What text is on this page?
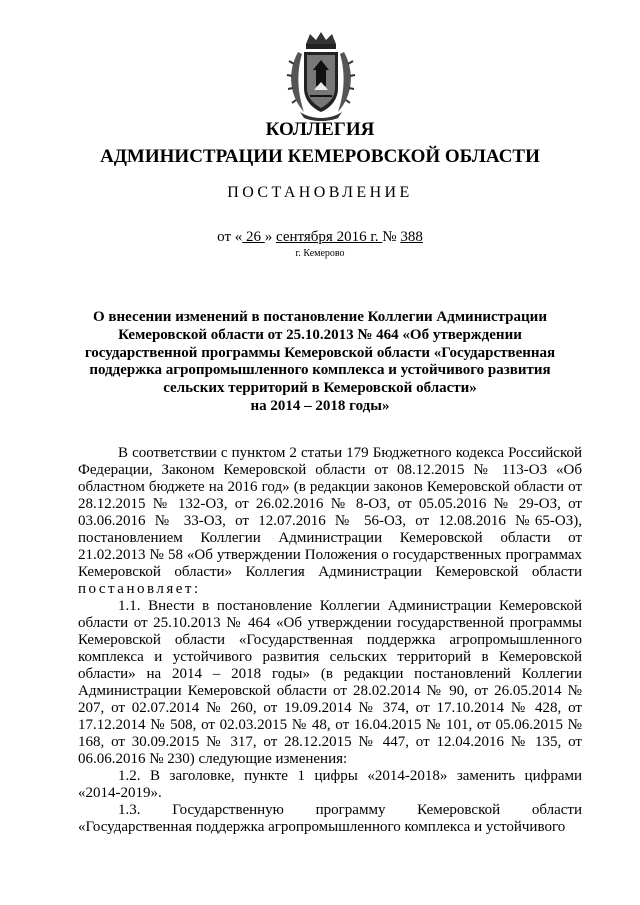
КОЛЛЕГИЯ
АДМИНИСТРАЦИИ КЕМЕРОВСКОЙ ОБЛАСТИ
ПОСТАНОВЛЕНИЕ
от « 26 » сентября 2016 г. № 388
г. Кемерово
О внесении изменений в постановление Коллегии Администрации
Кемеровской области от 25.10.2013 № 464 «Об утверждении
государственной программы Кемеровской области «Государственная
поддержка агропромышленного комплекса и устойчивого развития
сельских территорий в Кемеровской области»
на 2014 – 2018 годы»

В соответствии с пунктом 2 статьи 179 Бюджетного кодекса Российской Федерации, Законом Кемеровской области от 08.12.2015 № 113-ОЗ «Об областном бюджете на 2016 год» (в редакции законов Кемеровской области от 28.12.2015 № 132-ОЗ, от 26.02.2016 № 8-ОЗ, от 05.05.2016 № 29-ОЗ, от 03.06.2016 № 33-ОЗ, от 12.07.2016 № 56-ОЗ, от 12.08.2016 №65-ОЗ), постановлением Коллегии Администрации Кемеровской области от 21.02.2013 № 58 «Об утверждении Положения о государственных программах Кемеровской области» Коллегия Администрации Кемеровской области постановляет:

1.1. Внести в постановление Коллегии Администрации Кемеровской области от 25.10.2013 № 464 «Об утверждении государственной программы Кемеровской области «Государственная поддержка агропромышленного комплекса и устойчивого развития сельских территорий в Кемеровской области» на 2014 – 2018 годы» (в редакции постановлений Коллегии Администрации Кемеровской области от 28.02.2014 № 90, от 26.05.2014 № 207, от 02.07.2014 № 260, от 19.09.2014 № 374, от 17.10.2014 № 428, от 17.12.2014 № 508, от 02.03.2015 № 48, от 16.04.2015 № 101, от 05.06.2015 № 168, от 30.09.2015 № 317, от 28.12.2015 № 447, от 12.04.2016 № 135, от 06.06.2016 № 230) следующие изменения:

1.2. В заголовке, пункте 1 цифры «2014-2018» заменить цифрами «2014-2019».

1.3. Государственную программу Кемеровской области «Государственная поддержка агропромышленного комплекса и устойчивого
